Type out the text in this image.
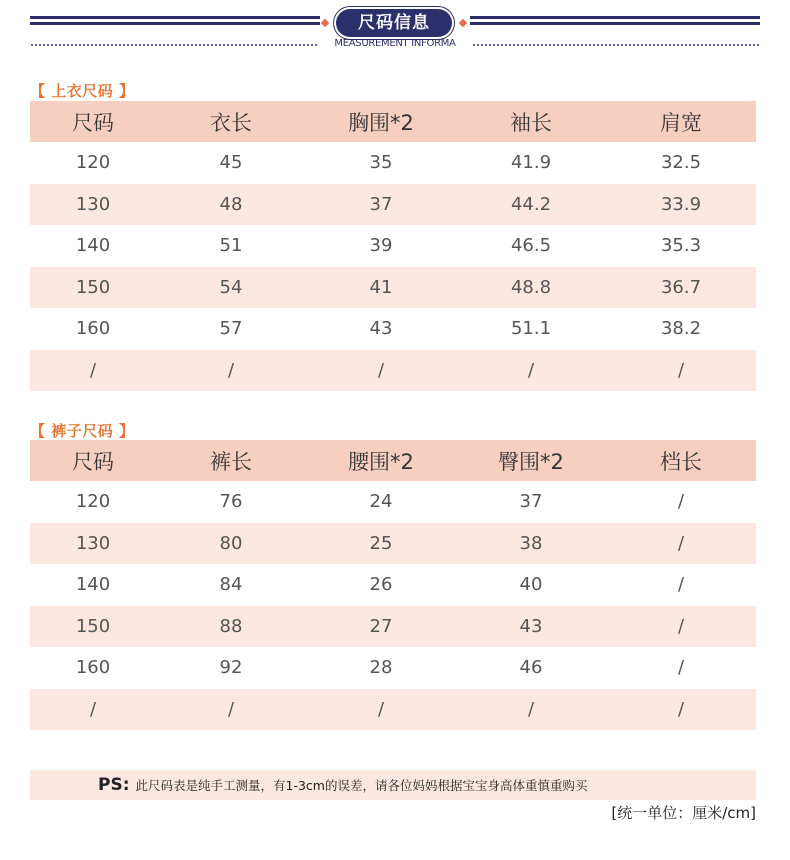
尺码信息
MEASUREMENT INFORMA
【 上衣尺码 】
尺码	衣长	胸围*2	袖长	肩宽
120	45	35	41.9	32.5
130	48	37	44.2	33.9
140	51	39	46.5	35.3
150	54	41	48.8	36.7
160	57	43	51.1	38.2
/	/	/	/	/
【 裤子尺码 】
尺码	裤长	腰围*2	臀围*2	档长
120	76	24	37	/
130	80	25	38	/
140	84	26	40	/
150	88	27	43	/
160	92	28	46	/
/	/	/	/	/
PS: 此尺码表是纯手工测量，有1-3cm的误差，请各位妈妈根据宝宝身高体重慎重购买
[统一单位：厘米/cm]
